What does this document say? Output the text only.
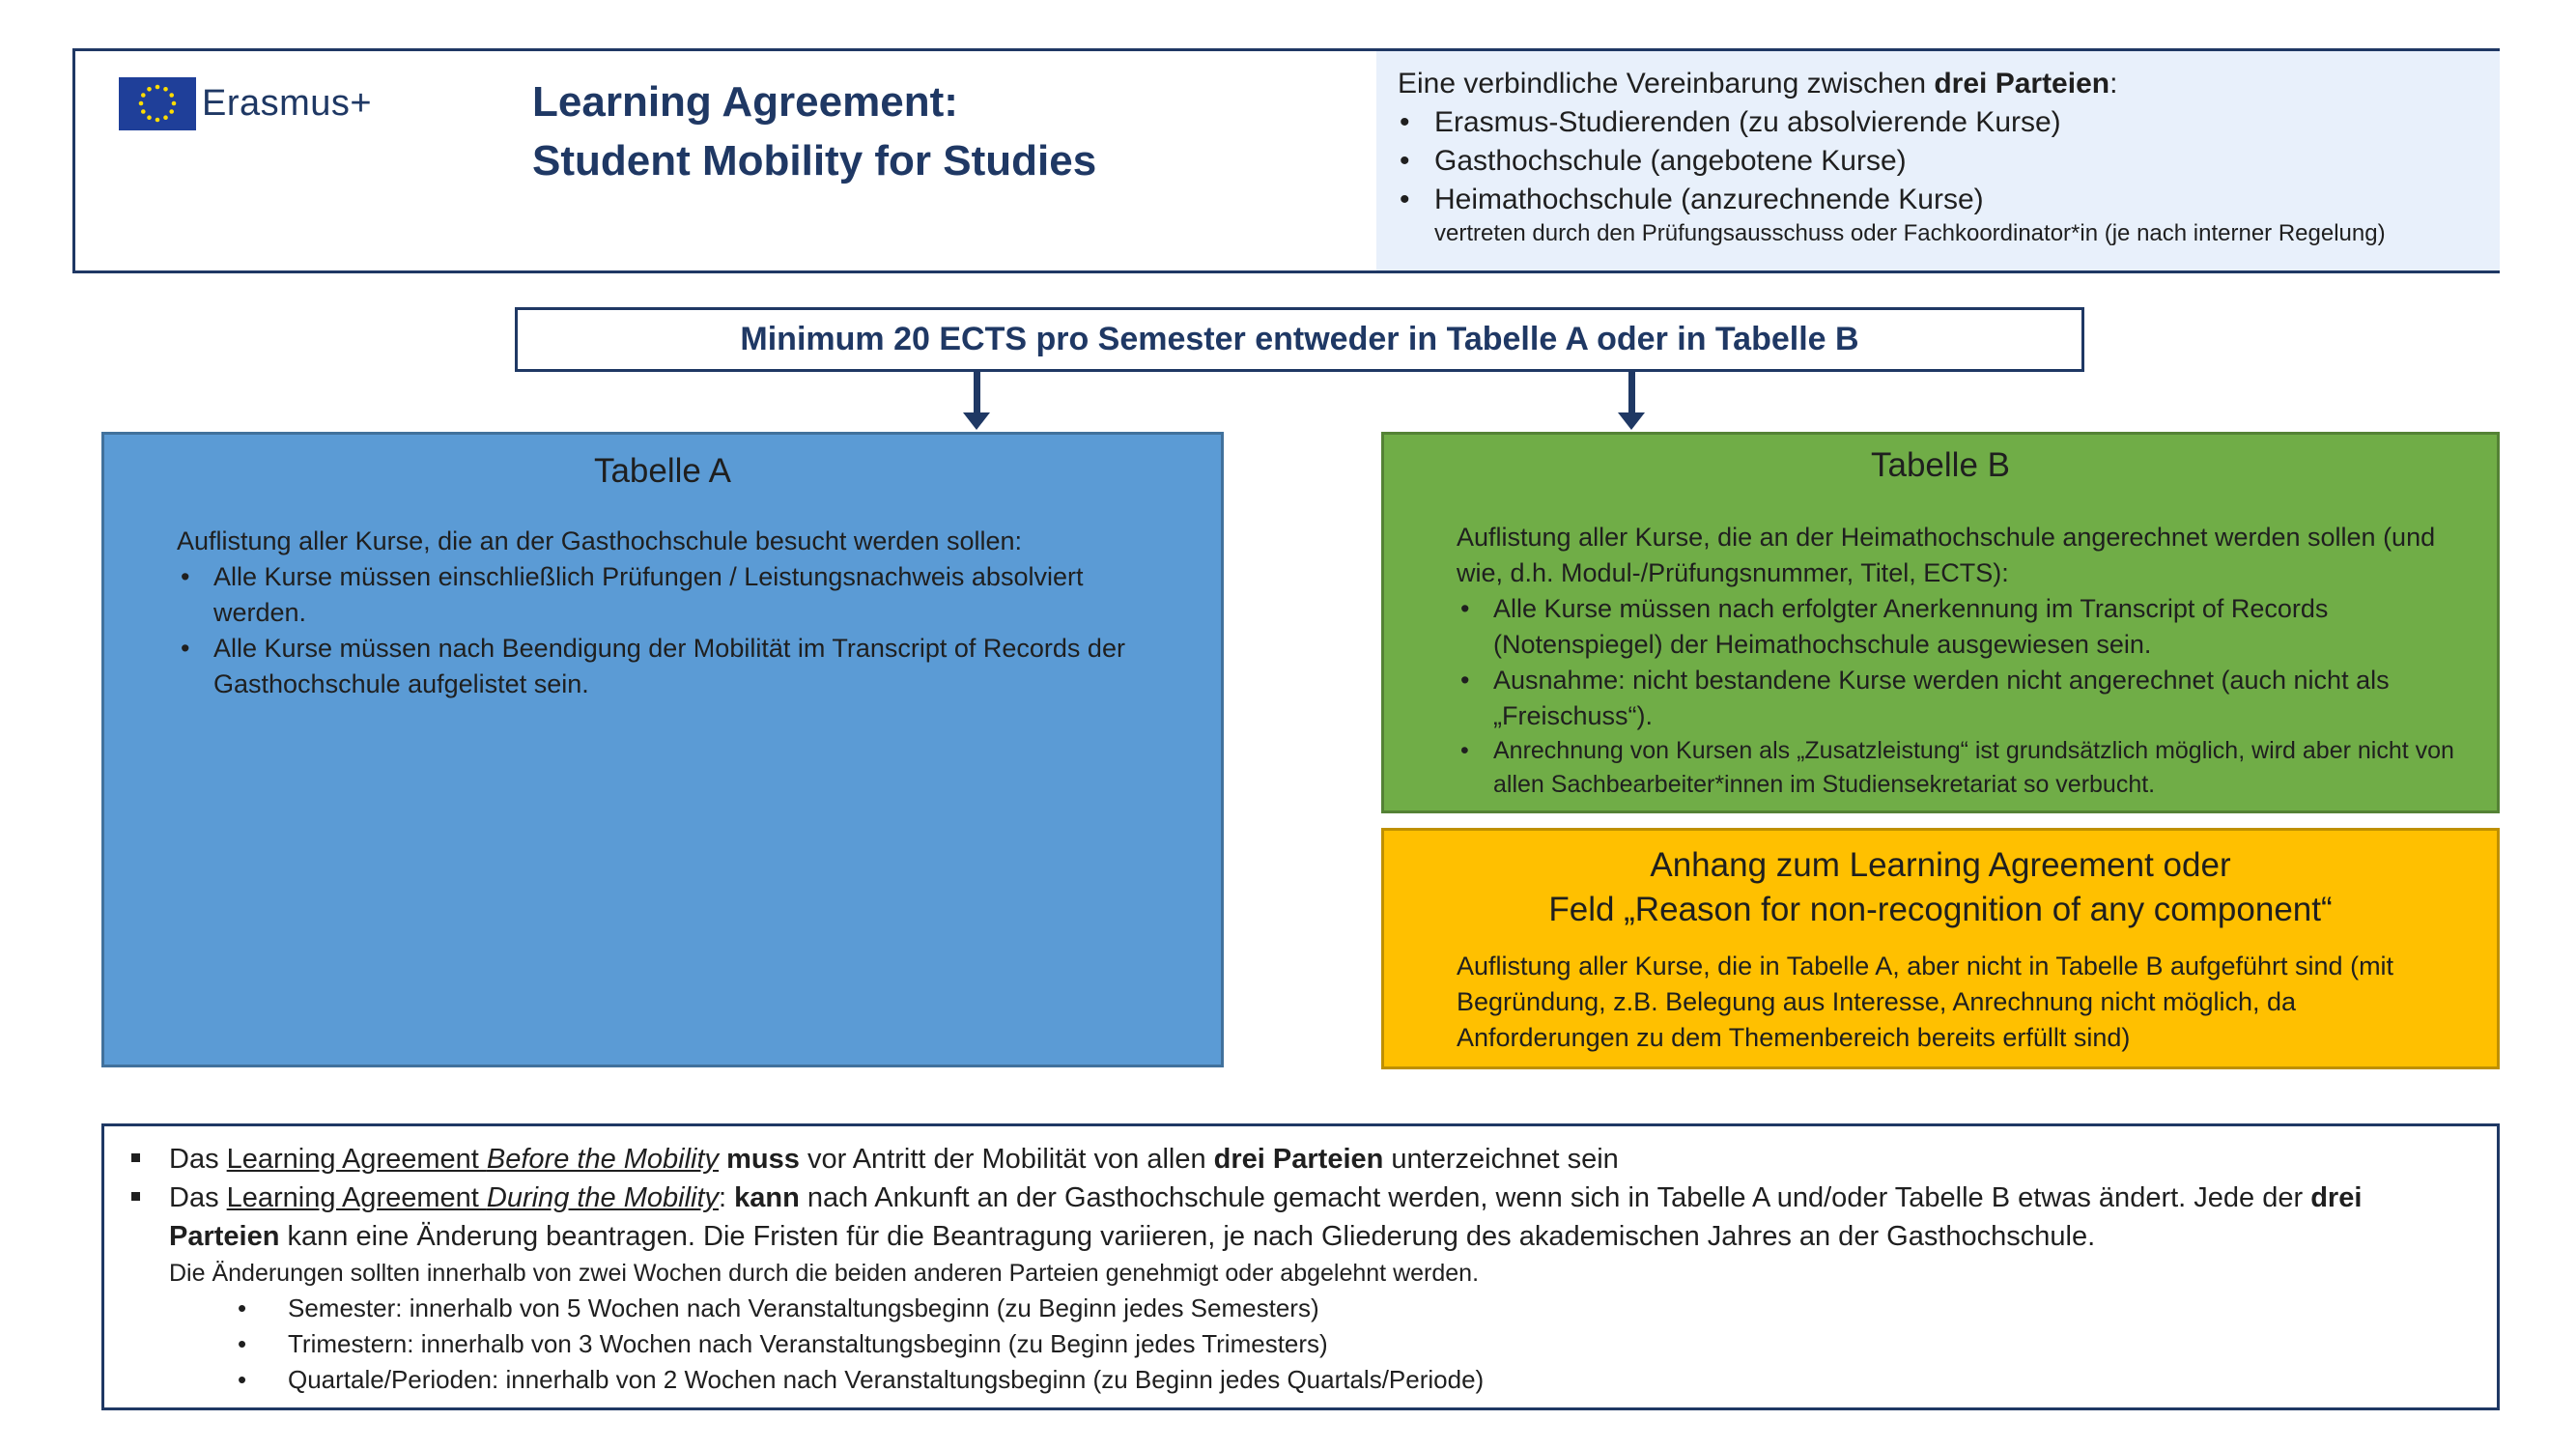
Erasmus+	Learning Agreement:
Student Mobility for Studies
Eine verbindliche Vereinbarung zwischen drei Parteien:
• Erasmus-Studierenden (zu absolvierende Kurse)
• Gasthochschule (angebotene Kurse)
• Heimathochschule (anzurechnende Kurse)
vertreten durch den Prüfungsausschuss oder Fachkoordinator*in (je nach interner Regelung)
Minimum 20 ECTS pro Semester entweder in Tabelle A oder in Tabelle B
Tabelle A
Auflistung aller Kurse, die an der Gasthochschule besucht werden sollen:
• Alle Kurse müssen einschließlich Prüfungen / Leistungsnachweis absolviert werden.
• Alle Kurse müssen nach Beendigung der Mobilität im Transcript of Records der Gasthochschule aufgelistet sein.
Tabelle B
Auflistung aller Kurse, die an der Heimathochschule angerechnet werden sollen (und wie, d.h. Modul-/Prüfungsnummer, Titel, ECTS):
• Alle Kurse müssen nach erfolgter Anerkennung im Transcript of Records (Notenspiegel) der Heimathochschule ausgewiesen sein.
• Ausnahme: nicht bestandene Kurse werden nicht angerechnet (auch nicht als „Freischuss“).
• Anrechnung von Kursen als „Zusatzleistung“ ist grundsätzlich möglich, wird aber nicht von allen Sachbearbeiter*innen im Studiensekretariat so verbucht.
Anhang zum Learning Agreement oder
Feld „Reason for non-recognition of any component“
Auflistung aller Kurse, die in Tabelle A, aber nicht in Tabelle B aufgeführt sind (mit Begründung, z.B. Belegung aus Interesse, Anrechnung nicht möglich, da Anforderungen zu dem Themenbereich bereits erfüllt sind)
Das Learning Agreement Before the Mobility muss vor Antritt der Mobilität von allen drei Parteien unterzeichnet sein
Das Learning Agreement During the Mobility: kann nach Ankunft an der Gasthochschule gemacht werden, wenn sich in Tabelle A und/oder Tabelle B etwas ändert. Jede der drei Parteien kann eine Änderung beantragen. Die Fristen für die Beantragung variieren, je nach Gliederung des akademischen Jahres an der Gasthochschule.
Die Änderungen sollten innerhalb von zwei Wochen durch die beiden anderen Parteien genehmigt oder abgelehnt werden.
• Semester: innerhalb von 5 Wochen nach Veranstaltungsbeginn (zu Beginn jedes Semesters)
• Trimestern: innerhalb von 3 Wochen nach Veranstaltungsbeginn (zu Beginn jedes Trimesters)
• Quartale/Perioden: innerhalb von 2 Wochen nach Veranstaltungsbeginn (zu Beginn jedes Quartals/Periode)
